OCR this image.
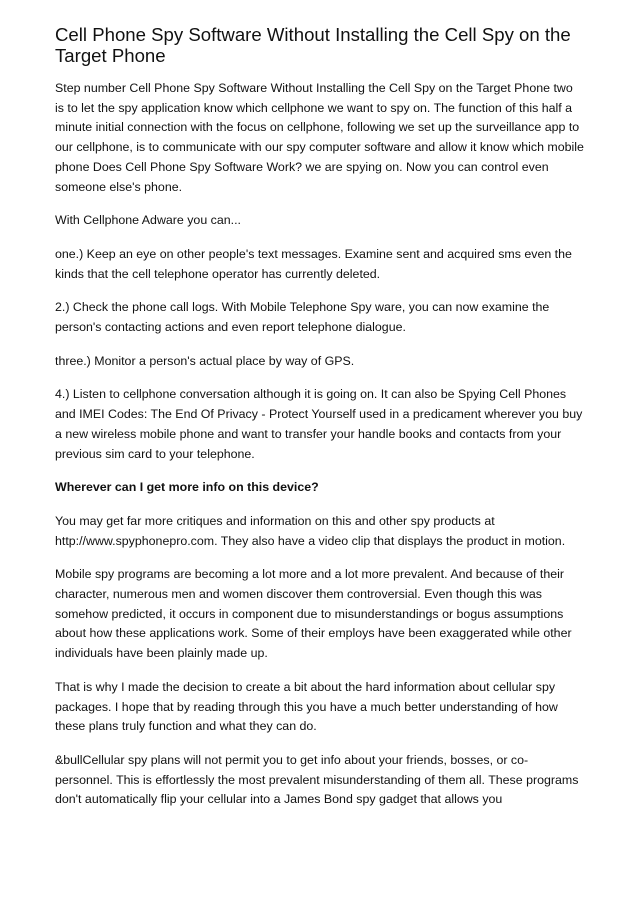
Cell Phone Spy Software Without Installing the Cell Spy on the Target Phone

Step number Cell Phone Spy Software Without Installing the Cell Spy on the Target Phone two is to let the spy application know which cellphone we want to spy on. The function of this half a minute initial connection with the focus on cellphone, following we set up the surveillance app to our cellphone, is to communicate with our spy computer software and allow it know which mobile phone Does Cell Phone Spy Software Work? we are spying on. Now you can control even someone else's phone.

With Cellphone Adware you can...

one.) Keep an eye on other people's text messages. Examine sent and acquired sms even the kinds that the cell telephone operator has currently deleted.

2.) Check the phone call logs. With Mobile Telephone Spy ware, you can now examine the person's contacting actions and even report telephone dialogue.

three.) Monitor a person's actual place by way of GPS.

4.) Listen to cellphone conversation although it is going on. It can also be Spying Cell Phones and IMEI Codes: The End Of Privacy - Protect Yourself used in a predicament wherever you buy a new wireless mobile phone and want to transfer your handle books and contacts from your previous sim card to your telephone.

Wherever can I get more info on this device?

You may get far more critiques and information on this and other spy products at http://www.spyphonepro.com. They also have a video clip that displays the product in motion.

Mobile spy programs are becoming a lot more and a lot more prevalent. And because of their character, numerous men and women discover them controversial. Even though this was somehow predicted, it occurs in component due to misunderstandings or bogus assumptions about how these applications work. Some of their employs have been exaggerated while other individuals have been plainly made up.

That is why I made the decision to create a bit about the hard information about cellular spy packages. I hope that by reading through this you have a much better understanding of how these plans truly function and what they can do.

&bullCellular spy plans will not permit you to get info about your friends, bosses, or co-personnel. This is effortlessly the most prevalent misunderstanding of them all. These programs don't automatically flip your cellular into a James Bond spy gadget that allows you
